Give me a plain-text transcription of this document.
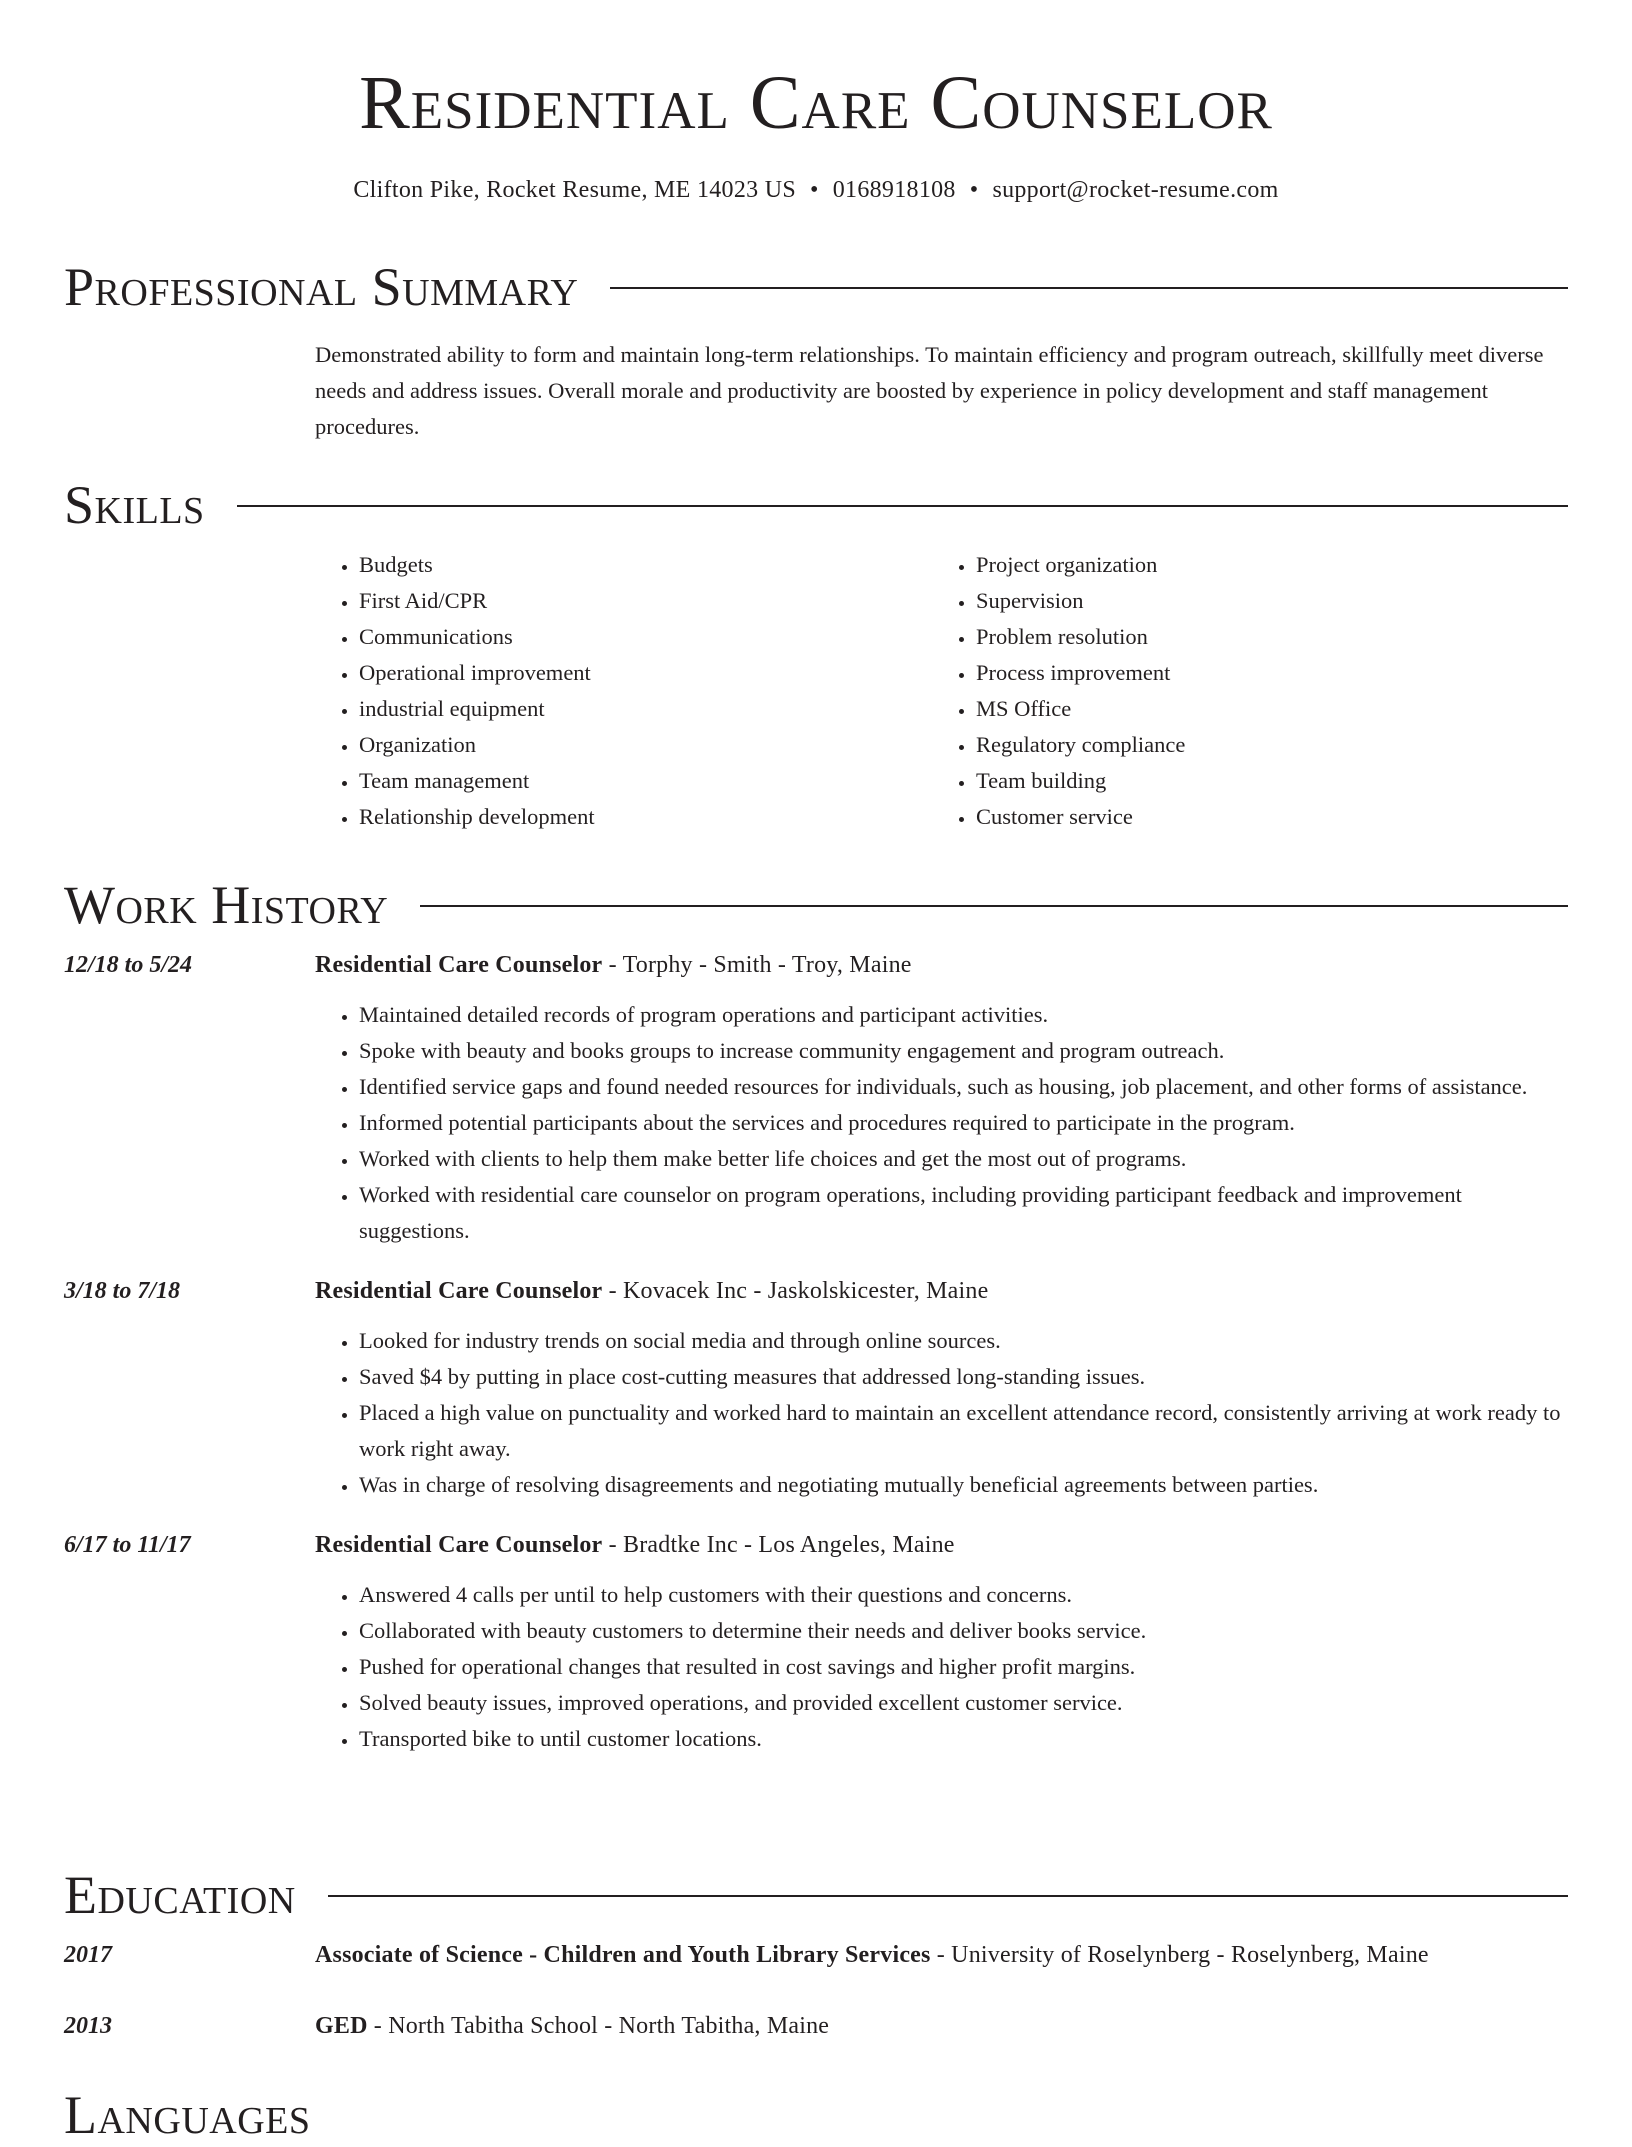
Residential Care Counselor
Clifton Pike, Rocket Resume, ME 14023 US • 0168918108 • support@rocket-resume.com
Professional Summary
Demonstrated ability to form and maintain long-term relationships. To maintain efficiency and program outreach, skillfully meet diverse needs and address issues. Overall morale and productivity are boosted by experience in policy development and staff management procedures.
Skills
• Budgets
• First Aid/CPR
• Communications
• Operational improvement
• industrial equipment
• Organization
• Team management
• Relationship development
• Project organization
• Supervision
• Problem resolution
• Process improvement
• MS Office
• Regulatory compliance
• Team building
• Customer service
Work History
12/18 to 5/24	Residential Care Counselor - Torphy - Smith - Troy, Maine
• Maintained detailed records of program operations and participant activities.
• Spoke with beauty and books groups to increase community engagement and program outreach.
• Identified service gaps and found needed resources for individuals, such as housing, job placement, and other forms of assistance.
• Informed potential participants about the services and procedures required to participate in the program.
• Worked with clients to help them make better life choices and get the most out of programs.
• Worked with residential care counselor on program operations, including providing participant feedback and improvement suggestions.
3/18 to 7/18	Residential Care Counselor - Kovacek Inc - Jaskolskicester, Maine
• Looked for industry trends on social media and through online sources.
• Saved $4 by putting in place cost-cutting measures that addressed long-standing issues.
• Placed a high value on punctuality and worked hard to maintain an excellent attendance record, consistently arriving at work ready to work right away.
• Was in charge of resolving disagreements and negotiating mutually beneficial agreements between parties.
6/17 to 11/17	Residential Care Counselor - Bradtke Inc - Los Angeles, Maine
• Answered 4 calls per until to help customers with their questions and concerns.
• Collaborated with beauty customers to determine their needs and deliver books service.
• Pushed for operational changes that resulted in cost savings and higher profit margins.
• Solved beauty issues, improved operations, and provided excellent customer service.
• Transported bike to until customer locations.
Education
2017	Associate of Science - Children and Youth Library Services - University of Roselynberg - Roselynberg, Maine
2013	GED - North Tabitha School - North Tabitha, Maine
Languages
